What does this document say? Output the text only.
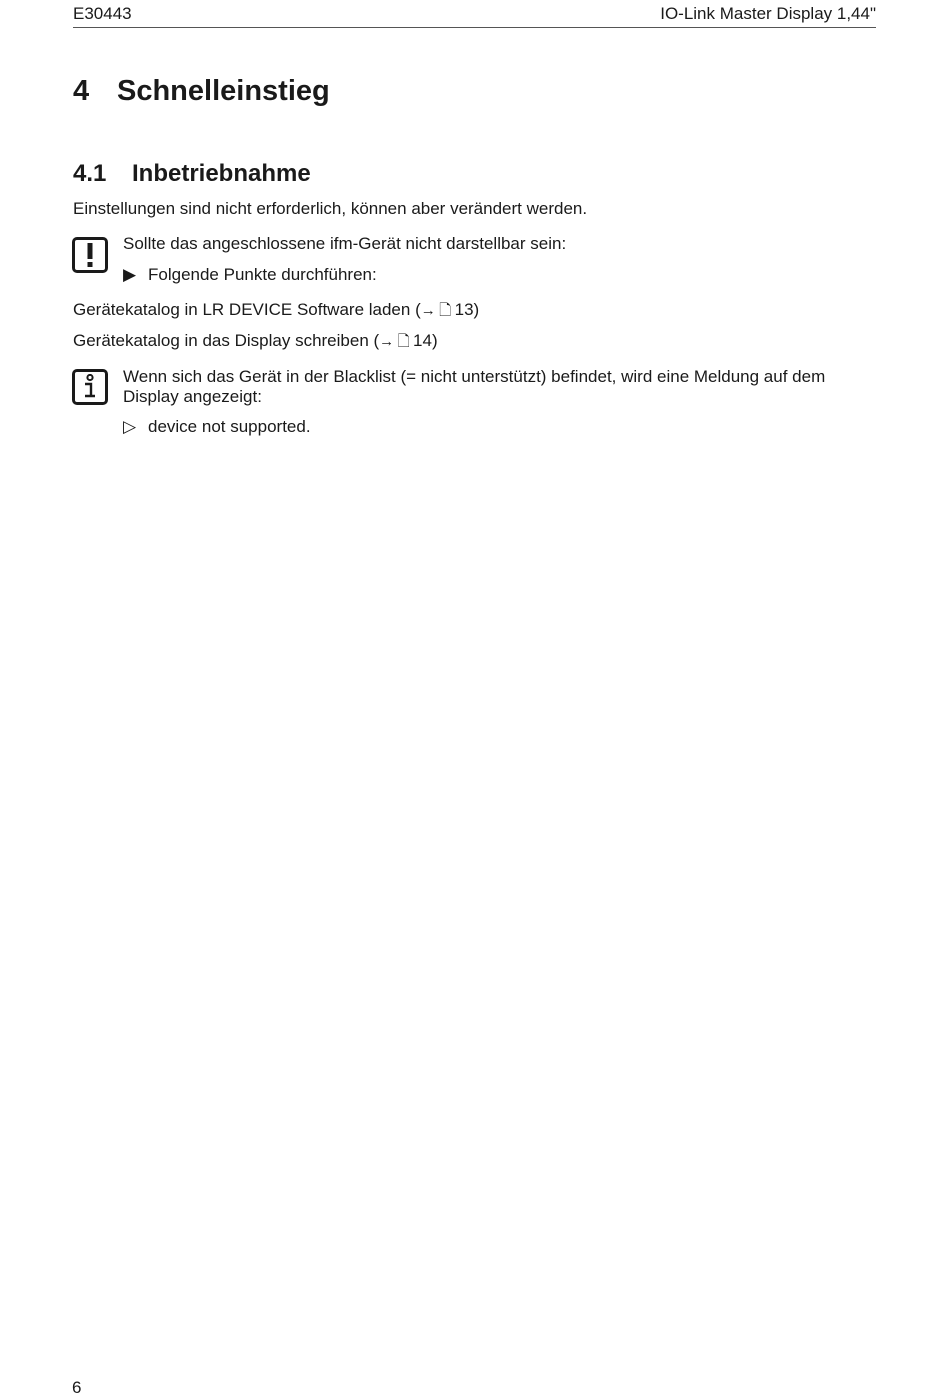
E30443	IO-Link Master Display 1,44"
4 Schnelleinstieg
4.1 Inbetriebnahme
Einstellungen sind nicht erforderlich, können aber verändert werden.
Sollte das angeschlossene ifm-Gerät nicht darstellbar sein:
▶ Folgende Punkte durchführen:
Gerätekatalog in LR DEVICE Software laden (→  🗋  13)
Gerätekatalog in das Display schreiben (→  🗋  14)
Wenn sich das Gerät in der Blacklist (= nicht unterstützt) befindet, wird eine Meldung auf dem Display angezeigt:
▷ device not supported.
6
